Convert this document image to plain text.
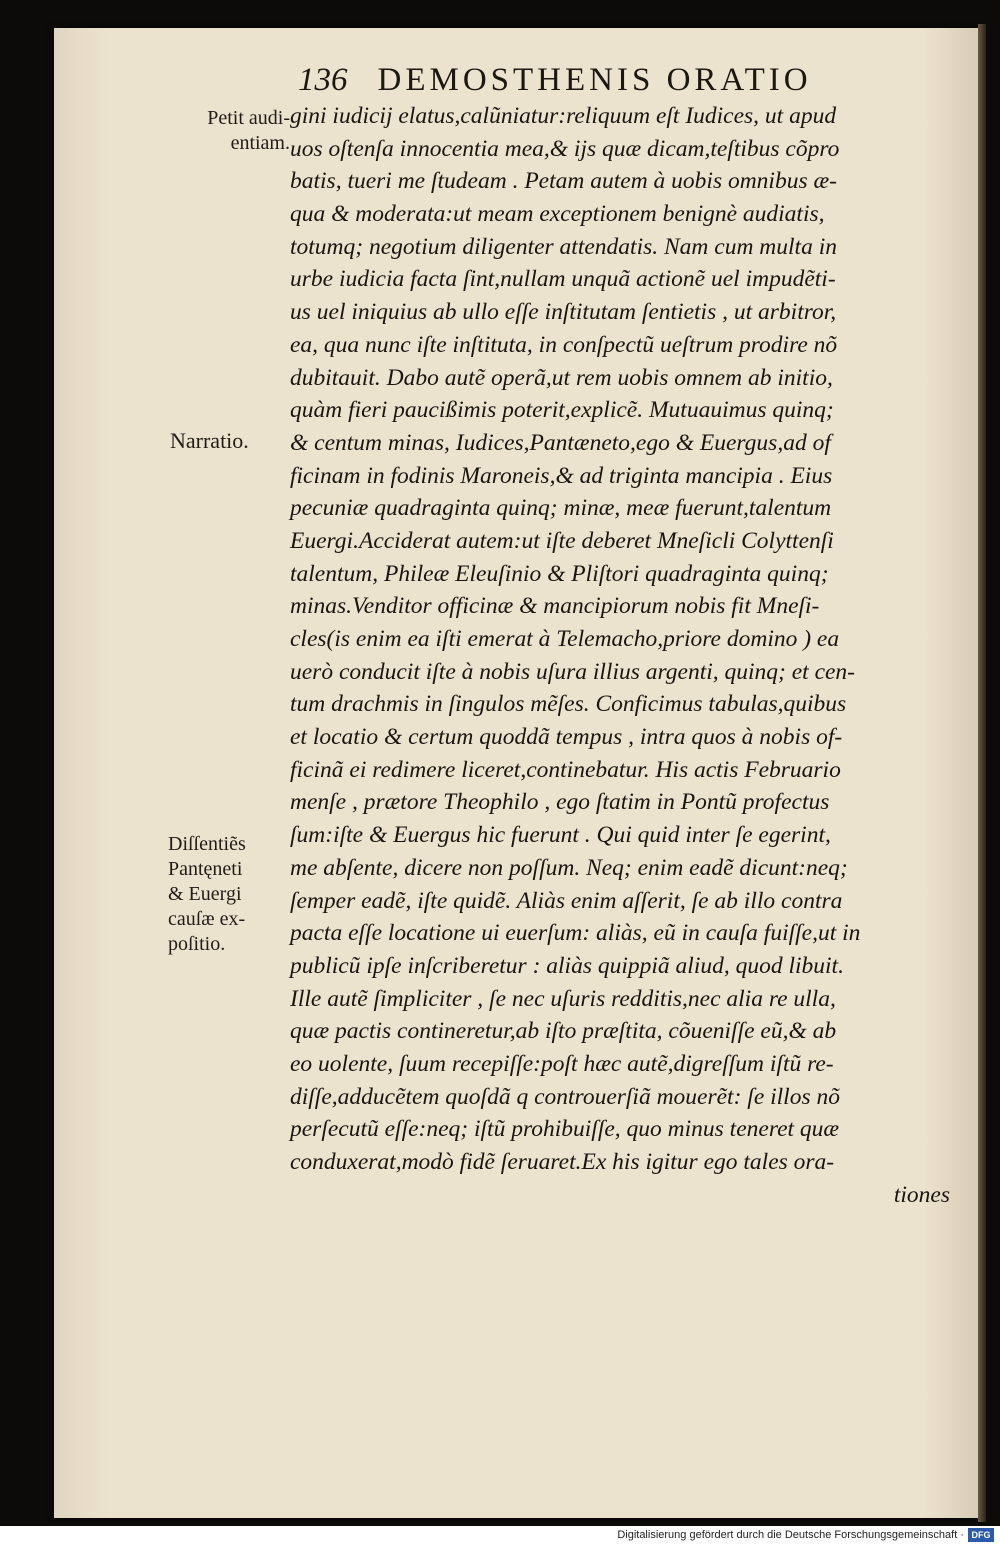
136 DEMOSTHENIS ORATIO
Petit audi-
entiam.
Narratio.
Diſſentiẽs
Pantęneti
& Euergi
cauſæ ex-
poſitio.
gini iudicij elatus,calũniatur:reliquum eſt Iudices, ut apud
uos oſtenſa innocentia mea,& ijs quæ dicam,teſtibus cõpro
batis, tueri me ſtudeam . Petam autem à uobis omnibus æ-
qua & moderata:ut meam exceptionem benignè audiatis,
totumq; negotium diligenter attendatis. Nam cum multa in
urbe iudicia facta ſint,nullam unquã actionẽ uel impudẽti-
us uel iniquius ab ullo eſſe inſtitutam ſentietis , ut arbitror,
ea, qua nunc iſte inſtituta, in conſpectũ ueſtrum prodire nõ
dubitauit. Dabo autẽ operã,ut rem uobis omnem ab initio,
quàm fieri paucißimis poterit,explicẽ. Mutuauimus quinq;
& centum minas, Iudices,Pantæneto,ego & Euergus,ad of
ficinam in fodinis Maroneis,& ad triginta mancipia . Eius
pecuniæ quadraginta quinq; minæ, meæ fuerunt,talentum
Euergi.Acciderat autem:ut iſte deberet Mneſicli Colyttenſi
talentum, Phileæ Eleuſinio & Pliſtori quadraginta quinq;
minas.Venditor officinæ & mancipiorum nobis fit Mneſi-
cles(is enim ea iſti emerat à Telemacho,priore domino ) ea
uerò conducit iſte à nobis uſura illius argenti, quinq; et cen-
tum drachmis in ſingulos mẽſes. Conficimus tabulas,quibus
et locatio & certum quoddã tempus , intra quos à nobis of-
ficinã ei redimere liceret,continebatur. His actis Februario
menſe , prætore Theophilo , ego ſtatim in Pontũ profectus
ſum:iſte & Euergus hic fuerunt . Qui quid inter ſe egerint,
me abſente, dicere non poſſum. Neq; enim eadẽ dicunt:neq;
ſemper eadẽ, iſte quidẽ. Aliàs enim aſſerit, ſe ab illo contra
pacta eſſe locatione ui euerſum: aliàs, eũ in cauſa fuiſſe,ut in
publicũ ipſe inſcriberetur : aliàs quippiã aliud, quod libuit.
Ille autẽ ſimpliciter , ſe nec uſuris redditis,nec alia re ulla,
quæ pactis contineretur,ab iſto præſtita, cõueniſſe eũ,& ab
eo uolente, ſuum recepiſſe:poſt hæc autẽ,digreſſum iſtũ re-
diſſe,adducẽtem quoſdã q controuerſiã mouerẽt: ſe illos nõ
perſecutũ eſſe:neq; iſtũ prohibuiſſe, quo minus teneret quæ
conduxerat,modò fidẽ ſeruaret.Ex his igitur ego tales ora-
tiones
Digitalisierung gefördert durch die Deutsche Forschungsgemeinschaft · DFG
